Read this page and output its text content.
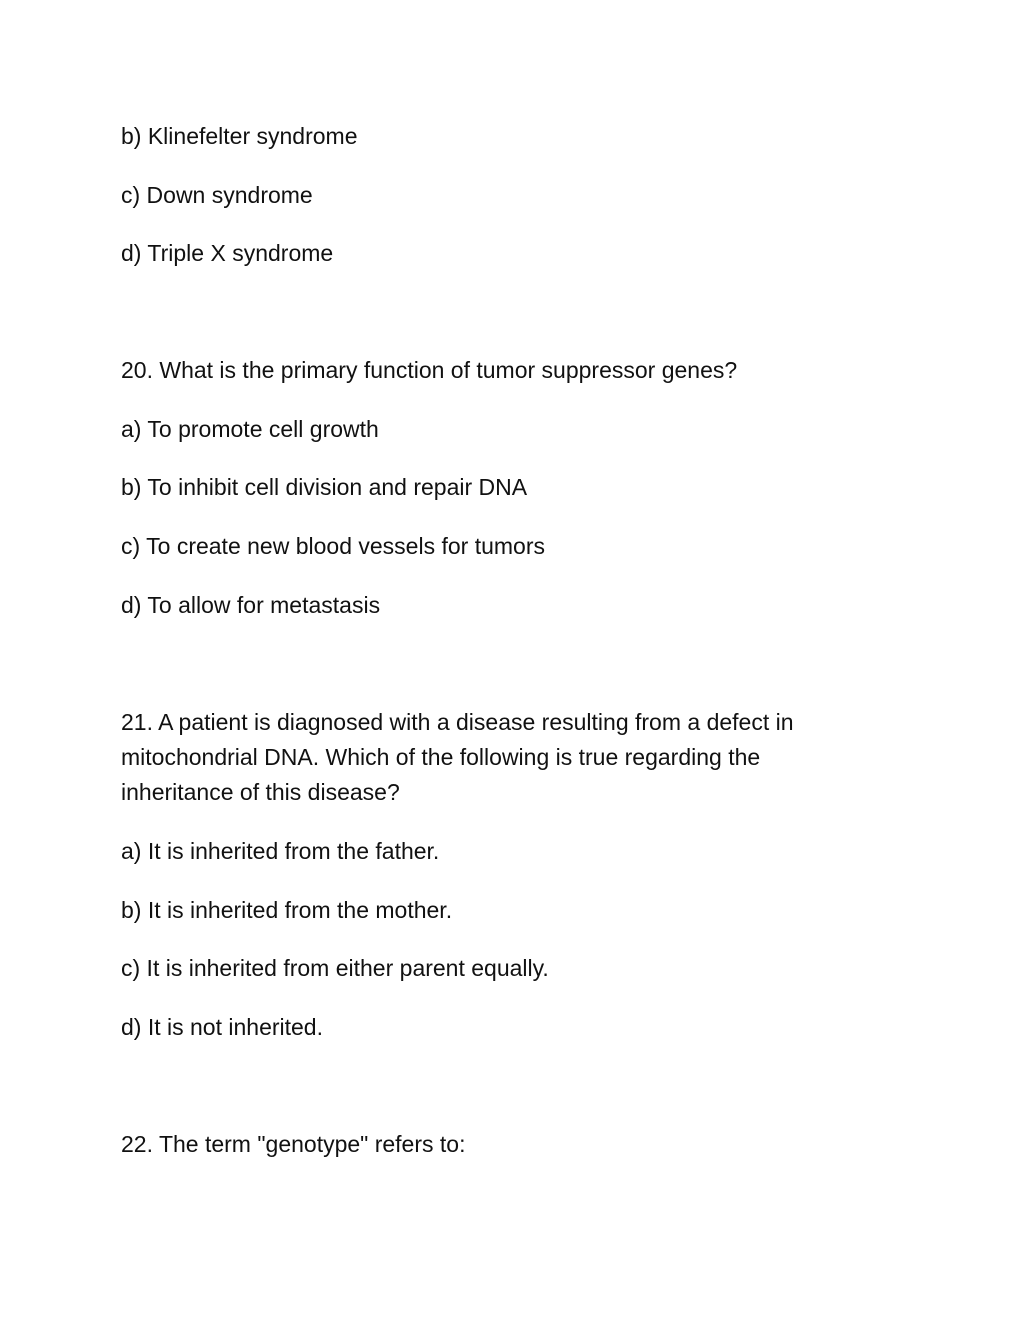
b) Klinefelter syndrome
c) Down syndrome
d) Triple X syndrome
20. What is the primary function of tumor suppressor genes?
a) To promote cell growth
b) To inhibit cell division and repair DNA
c) To create new blood vessels for tumors
d) To allow for metastasis
21. A patient is diagnosed with a disease resulting from a defect in
mitochondrial DNA. Which of the following is true regarding the
inheritance of this disease?
a) It is inherited from the father.
b) It is inherited from the mother.
c) It is inherited from either parent equally.
d) It is not inherited.
22. The term "genotype" refers to:
